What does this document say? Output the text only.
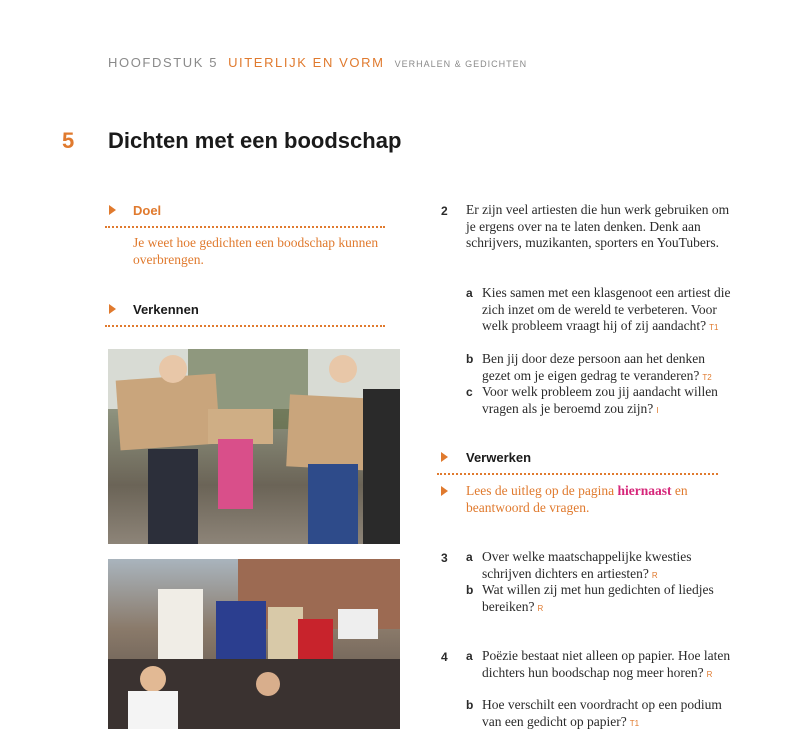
HOOFDSTUK 5 UITERLIJK EN VORM VERHALEN & GEDICHTEN
5 Dichten met een boodschap
Doel
Je weet hoe gedichten een boodschap kunnen overbrengen.
Verkennen
2 Er zijn veel artiesten die hun werk gebruiken om je ergens over na te laten denken. Denk aan schrijvers, muzikanten, sporters en YouTubers.
a Kies samen met een klasgenoot een artiest die zich inzet om de wereld te verbeteren. Voor welk probleem vraagt hij of zij aandacht? T1
b Ben jij door deze persoon aan het denken gezet om je eigen gedrag te veranderen? T2
c Voor welk probleem zou jij aandacht willen vragen als je beroemd zou zijn? I
Verwerken
Lees de uitleg op de pagina hiernaast en beantwoord de vragen.
3 a Over welke maatschappelijke kwesties schrijven dichters en artiesten? R
b Wat willen zij met hun gedichten of liedjes bereiken? R
4 a Poëzie bestaat niet alleen op papier. Hoe laten dichters hun boodschap nog meer horen? R
b Hoe verschilt een voordracht op een podium van een gedicht op papier? T1
